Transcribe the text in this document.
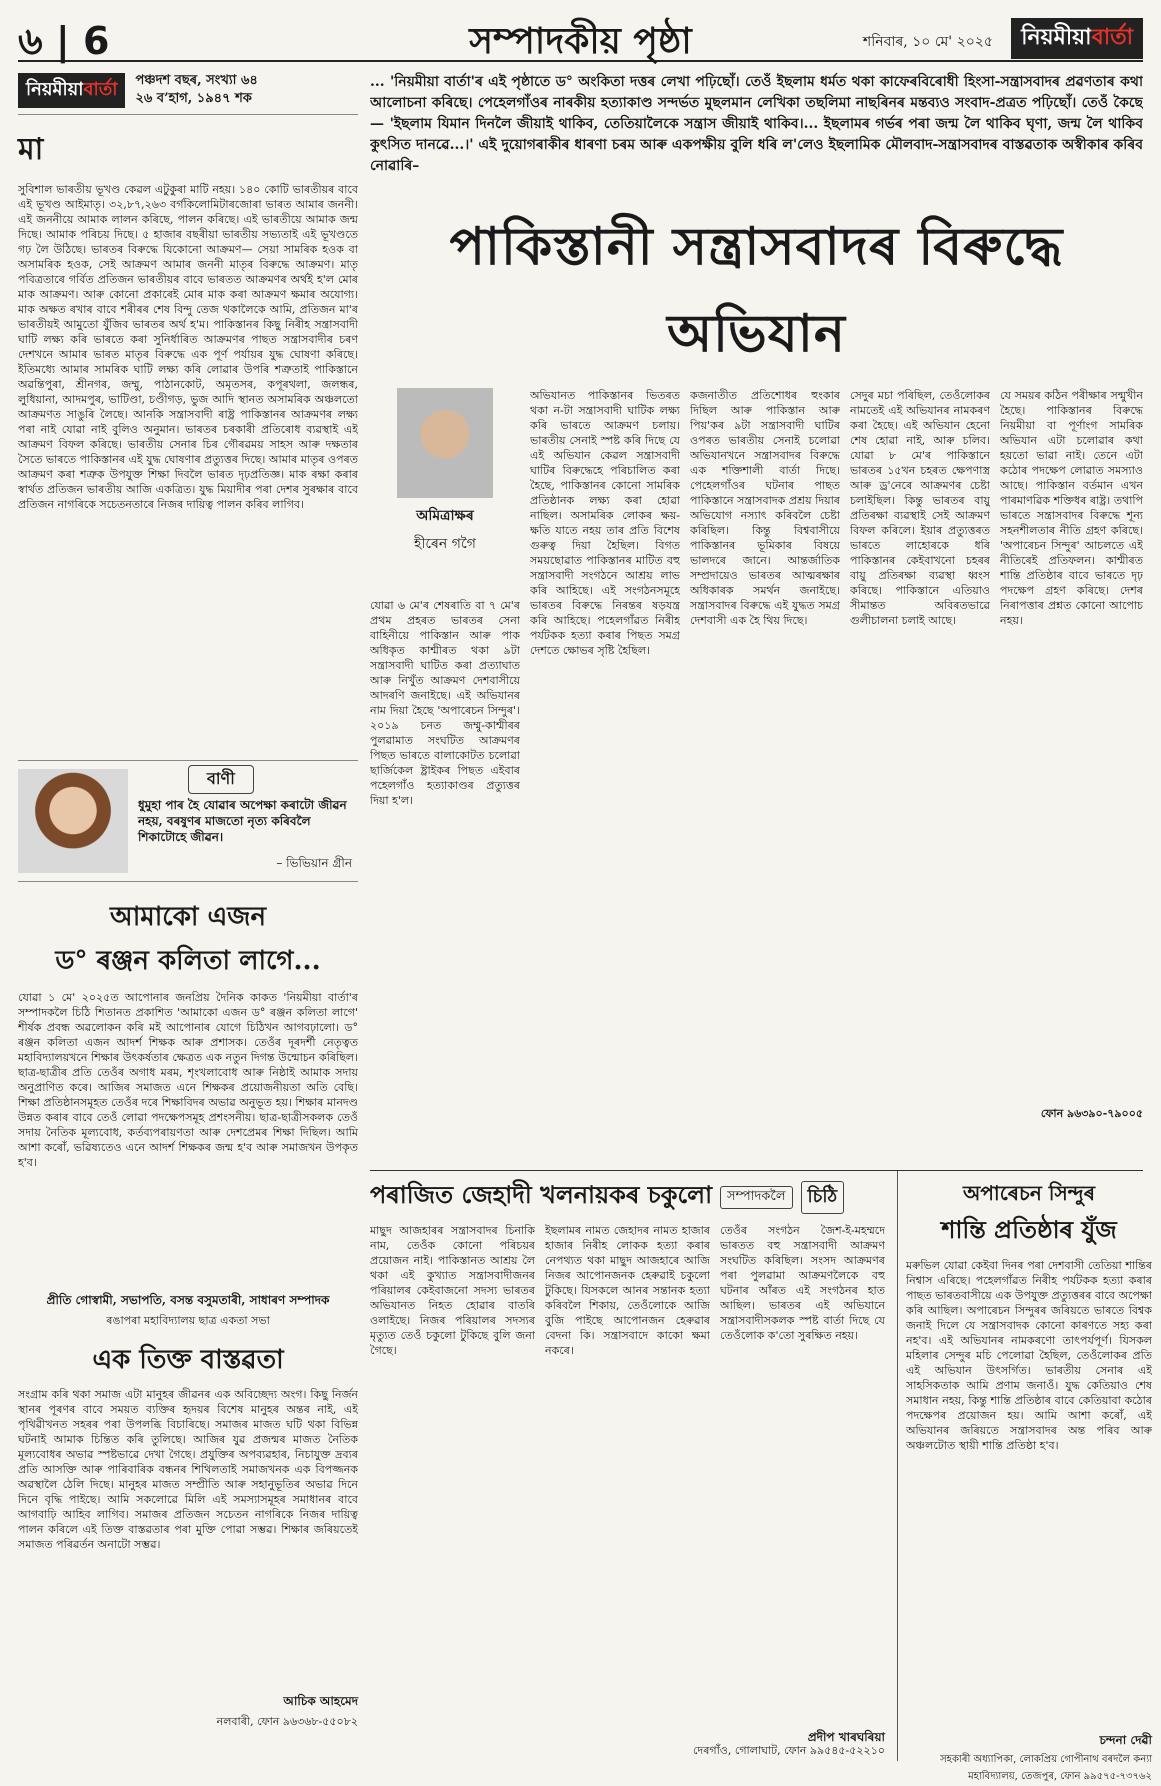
৬ | 6	সম্পাদকীয় পৃষ্ঠা	শনিবাৰ, ১০ মে' ২০২৫	নিয়মীয়াবাৰ্তা
নিয়মীয়াবাৰ্তা	পঞ্চদশ বছৰ, সংখ্যা ৬৪
২৬ ব’হাগ, ১৯৪৭ শক
মা
সুবিশাল ভাৰতীয় ভূখণ্ড কেৱল এটুকুৰা মাটি নহয়। ১৪০ কোটি ভাৰতীয়ৰ বাবে এই ভূখণ্ড আইমাতৃ। ৩২,৮৭,২৬৩ বৰ্গকিলোমিটাৰজোৰা ভাৰত আমাৰ জননী। এই জননীয়ে আমাক লালন কৰিছে, পালন কৰিছে। এই ভাৰতীয়ে আমাক জন্ম দিছে। আমাক পৰিচয় দিছে। ৫ হাজাৰ বছৰীয়া ভাৰতীয় সভ্যতাই এই ভূখণ্ডতে গঢ় লৈ উঠিছে। ভাৰতৰ বিৰুদ্ধে যিকোনো আক্ৰমণ— সেয়া সামৰিক হওক বা অসামৰিক হওক, সেই আক্ৰমণ আমাৰ জননী মাতৃৰ বিৰুদ্ধে আক্ৰমণ। মাতৃ পবিত্ৰতাৰে গৰ্বিত প্ৰতিজন ভাৰতীয়ৰ বাবে ভাৰতত আক্ৰমণৰ অৰ্থই হ'ল মোৰ মাক আক্ৰমণ। আৰু কোনো প্ৰকাৰেই মোৰ মাক কৰা আক্ৰমণ ক্ষমাৰ অযোগ্য। মাক অক্ষত ৰখাৰ বাবে শৰীৰৰ শেষ বিন্দু তেজ থকালৈকে আমি, প্ৰতিজন মা'ৰ ভাৰতীয়ই আমুতো যুঁজিব ভাৰতৰ অৰ্থ হ'ম। পাকিস্তানৰ কিছু নিৰীহ সন্ত্ৰাসবাদী ঘাটি লক্ষ্য কৰি ভাৰতে কৰা সুনিৰ্ধাৰিত আক্ৰমণৰ পাছত সন্ত্ৰাসবাদীৰ চৰণ দেশখনে আমাৰ ভাৰত মাতৃৰ বিৰুদ্ধে এক পূৰ্ণ পৰ্যায়ৰ যুদ্ধ ঘোষণা কৰিছে। ইতিমধ্যে আমাৰ সামৰিক ঘাটি লক্ষ্য কৰি লোৱাৰ উপৰি শত্ৰুতাই পাকিস্তানে অৱন্তিপুৰা, শ্ৰীনগৰ, জম্মু, পাঠানকোট, অমৃতসৰ, কপূৰথলা, জলন্ধৰ, লুধিয়ানা, আদমপুৰ, ভাটিণ্ডা, চণ্ডীগড়, ভুজ আদি স্থানত অসামৰিক অঞ্চলতো আক্ৰমণত সাঙুৰি লৈছে। আনকি সন্ত্ৰাসবাদী ৰাষ্ট্ৰ পাকিস্তানৰ আক্ৰমণৰ লক্ষ্য পৰা নাই যোৱা নাই বুলিও অনুমান। ভাৰতৰ চৰকাৰী প্ৰতিৰোধ ব্যৱস্থাই এই আক্ৰমণ বিফল কৰিছে। ভাৰতীয় সেনাৰ চিৰ গৌৰৱময় সাহস আৰু দক্ষতাৰ সৈতে ভাৰতে পাকিস্তানৰ এই যুদ্ধ ঘোষণাৰ প্ৰত্যুত্তৰ দিছে। আমাৰ মাতৃৰ ওপৰত আক্ৰমণ কৰা শত্ৰুক উপযুক্ত শিক্ষা দিবলৈ ভাৰত দৃঢ়প্ৰতিজ্ঞ। মাক ৰক্ষা কৰাৰ স্বাৰ্থত প্ৰতিজন ভাৰতীয় আজি একত্ৰিত। যুদ্ধ মিয়াদীৰ পৰা দেশৰ সুৰক্ষাৰ বাবে প্ৰতিজন নাগৰিকে সচেতনতাৰে নিজৰ দায়িত্ব পালন কৰিব লাগিব।
বাণী
ধুমুহা পাৰ হৈ যোৱাৰ অপেক্ষা কৰাটো জীৱন নহয়, বৰষুণৰ মাজতো নৃত্য কৰিবলৈ শিকাটোহে জীৱন।
– ভিভিয়ান গ্ৰীন
আমাকো এজন
ড° ৰঞ্জন কলিতা লাগে...
যোৱা ১ মে' ২০২৫ত আপোনাৰ জনপ্ৰিয় দৈনিক কাকত 'নিয়মীয়া বাৰ্তা'ৰ সম্পাদকলৈ চিঠি শিতানত প্ৰকাশিত 'আমাকো এজন ড° ৰঞ্জন কলিতা লাগে' শীৰ্ষক প্ৰবন্ধ অৱলোকন কৰি মই আপোনাৰ যোগে চিঠিখন আগবঢ়ালো। ড° ৰঞ্জন কলিতা এজন আদৰ্শ শিক্ষক আৰু প্ৰশাসক। তেওঁৰ দূৰদৰ্শী নেতৃত্বত মহাবিদ্যালয়খনে শিক্ষাৰ উৎকৰ্ষতাৰ ক্ষেত্ৰত এক নতুন দিগন্ত উন্মোচন কৰিছিল। ছাত্ৰ-ছাত্ৰীৰ প্ৰতি তেওঁৰ অগাধ মৰম, শৃংখলাবোধ আৰু নিষ্ঠাই আমাক সদায় অনুপ্ৰাণিত কৰে। আজিৰ সমাজত এনে শিক্ষকৰ প্ৰয়োজনীয়তা অতি বেছি। শিক্ষা প্ৰতিষ্ঠানসমূহত তেওঁৰ দৰে শিক্ষাবিদৰ অভাৱ অনুভূত হয়। শিক্ষাৰ মানদণ্ড উন্নত কৰাৰ বাবে তেওঁ লোৱা পদক্ষেপসমূহ প্ৰশংসনীয়। ছাত্ৰ-ছাত্ৰীসকলক তেওঁ সদায় নৈতিক মূল্যবোধ, কৰ্তব্যপৰায়ণতা আৰু দেশপ্ৰেমৰ শিক্ষা দিছিল। আমি আশা কৰোঁ, ভৱিষ্যতেও এনে আদৰ্শ শিক্ষকৰ জন্ম হ'ব আৰু সমাজখন উপকৃত হ'ব।
প্ৰীতি গোস্বামী, সভাপতি, বসন্ত বসুমতাৰী, সাধাৰণ সম্পাদক
ৰঙাপৰা মহাবিদ্যালয় ছাত্ৰ একতা সভা
এক তিক্ত বাস্তৱতা
সংগ্ৰাম কৰি থকা সমাজ এটা মানুহৰ জীৱনৰ এক অবিচ্ছেদ্য অংগ। কিছু নিৰ্জন স্থানৰ পূৰণৰ বাবে সময়ত ব্যক্তিৰ হৃদয়ৰ বিশেষ মানুহৰ অন্তৰ নাই, এই পৃথিৱীখনত সহৰৰ পৰা উপলব্ধি বিচাৰিছে। সমাজৰ মাজত ঘটি থকা বিভিন্ন ঘটনাই আমাক চিন্তিত কৰি তুলিছে। আজিৰ যুৱ প্ৰজন্মৰ মাজত নৈতিক মূল্যবোধৰ অভাৱ স্পষ্টভাৱে দেখা গৈছে। প্ৰযুক্তিৰ অপব্যৱহাৰ, নিচাযুক্ত দ্ৰব্যৰ প্ৰতি আসক্তি আৰু পাৰিবাৰিক বন্ধনৰ শিথিলতাই সমাজখনক এক বিপজ্জনক অৱস্থালৈ ঠেলি দিছে। মানুহৰ মাজত সম্প্ৰীতি আৰু সহানুভূতিৰ অভাৱ দিনে দিনে বৃদ্ধি পাইছে। আমি সকলোৱে মিলি এই সমস্যাসমূহৰ সমাধানৰ বাবে আগবাঢ়ি আহিব লাগিব। সমাজৰ প্ৰতিজন সচেতন নাগৰিকে নিজৰ দায়িত্ব পালন কৰিলে এই তিক্ত বাস্তৱতাৰ পৰা মুক্তি পোৱা সম্ভৱ। শিক্ষাৰ জৰিয়তেই সমাজত পৰিৱৰ্তন অনাটো সম্ভৱ।
আচিক আহমেদ
নলবাৰী, ফোন ৯৬৩৬৮-৫৫০৮২
... 'নিয়মীয়া বাৰ্তা'ৰ এই পৃষ্ঠাতে ড° অংকিতা দত্তৰ লেখা পঢ়িছোঁ। তেওঁ ইছলাম ধৰ্মত থকা কাফেৰবিৰোধী হিংসা-সন্ত্ৰাসবাদৰ প্ৰৱণতাৰ কথা আলোচনা কৰিছে। পেহেলগাঁওৰ নাৰকীয় হত্যাকাণ্ড সন্দৰ্ভত মুছলমান লেখিকা তছলিমা নাছৰিনৰ মন্তব্যও সংবাদ-প্ৰত্ৰত পঢ়িছোঁ। তেওঁ কৈছে— 'ইছলাম যিমান দিনলৈ জীয়াই থাকিব, তেতিয়ালৈকে সন্ত্ৰাস জীয়াই থাকিব।... ইছলামৰ গৰ্ভৰ পৰা জন্ম লৈ থাকিব ঘৃণা, জন্ম লৈ থাকিব কুৎসিত দানৱে...।' এই দুয়োগৰাকীৰ ধাৰণা চৰম আৰু একপক্ষীয় বুলি ধৰি ল'লেও ইছলামিক মৌলবাদ-সন্ত্ৰাসবাদৰ বাস্তৱতাক অস্বীকাৰ কৰিব নোৱাৰি–
পাকিস্তানী সন্ত্ৰাসবাদৰ বিৰুদ্ধে অভিযান
অমিত্ৰাক্ষৰ
হীৰেন গগৈ
যোৱা ৬ মে'ৰ শেষৰাতি বা ৭ মে'ৰ প্ৰথম প্ৰহৰত ভাৰতৰ সেনা বাহিনীয়ে পাকিস্তান আৰু পাক অধিকৃত কাশ্মীৰত থকা ৯টা সন্ত্ৰাসবাদী ঘাটিত কৰা প্ৰত্যাঘাত আৰু নিখুঁত আক্ৰমণ দেশবাসীয়ে আদৰণি জনাইছে। এই অভিযানৰ নাম দিয়া হৈছে 'অপাৰেচন সিন্দুৰ'। ২০১৯ চনত জম্মু-কাশ্মীৰৰ পুলৱামাত সংঘটিত আক্ৰমণৰ পিছত ভাৰতে বালাকোটত চলোৱা ছাৰ্জিকেল ষ্ট্ৰাইকৰ পিছত এইবাৰ পহেলগাঁও হত্যাকাণ্ডৰ প্ৰত্যুত্তৰ দিয়া হ'ল।
অভিযানত পাকিস্তানৰ ভিতৰত থকা ন-টা সন্ত্ৰাসবাদী ঘাটিক লক্ষ্য কৰি ভাৰতে আক্ৰমণ চলায়। ভাৰতীয় সেনাই স্পষ্ট কৰি দিছে যে এই অভিযান কেৱল সন্ত্ৰাসবাদী ঘাটিৰ বিৰুদ্ধেহে পৰিচালিত কৰা হৈছে, পাকিস্তানৰ কোনো সামৰিক প্ৰতিষ্ঠানক লক্ষ্য কৰা হোৱা নাছিল। অসামৰিক লোকৰ ক্ষয়-ক্ষতি যাতে নহয় তাৰ প্ৰতি বিশেষ গুৰুত্ব দিয়া হৈছিল। বিগত সময়ছোৱাত পাকিস্তানৰ মাটিত বহু সন্ত্ৰাসবাদী সংগঠনে আশ্ৰয় লাভ কৰি আহিছে। এই সংগঠনসমূহে ভাৰতৰ বিৰুদ্ধে নিৰন্তৰ ষড়যন্ত্ৰ কৰি আহিছে। পহেলগাঁৱত নিৰীহ পৰ্যটকক হত্যা কৰাৰ পিছত সমগ্ৰ দেশতে ক্ষোভৰ সৃষ্টি হৈছিল।
কজনাতীত প্ৰতিশোধৰ হুংকাৰ দিছিল আৰু পাকিস্তান আৰু পিয়'কৰ ৯টা সন্ত্ৰাসবাদী ঘাটিৰ ওপৰত ভাৰতীয় সেনাই চলোৱা অভিযানখনে সন্ত্ৰাসবাদৰ বিৰুদ্ধে এক শক্তিশালী বাৰ্তা দিছে। পেহেলগাঁওৰ ঘটনাৰ পাছত পাকিস্তানে সন্ত্ৰাসবাদক প্ৰশ্ৰয় দিয়াৰ অভিযোগ নস্যাৎ কৰিবলৈ চেষ্টা কৰিছিল। কিন্তু বিশ্ববাসীয়ে পাকিস্তানৰ ভূমিকাৰ বিষয়ে ভালদৰে জানে। আন্তৰ্জাতিক সম্প্ৰদায়েও ভাৰতৰ আত্মৰক্ষাৰ অধিকাৰক সমৰ্থন জনাইছে। সন্ত্ৰাসবাদৰ বিৰুদ্ধে এই যুদ্ধত সমগ্ৰ দেশবাসী এক হৈ থিয় দিছে।
সেদুৰ মচা পৰিছিল, তেওঁলোকৰ নামতেই এই অভিযানৰ নামকৰণ কৰা হৈছে। এই অভিযান হেনো শেষ হোৱা নাই, আৰু চলিব। যোৱা ৮ মে'ৰ পাকিস্তানে ভাৰতৰ ১৫খন চহৰত ক্ষেপণাস্ত্ৰ আৰু ড্ৰ'নেৰে আক্ৰমণৰ চেষ্টা চলাইছিল। কিন্তু ভাৰতৰ বায়ু প্ৰতিৰক্ষা ব্যৱস্থাই সেই আক্ৰমণ বিফল কৰিলে। ইয়াৰ প্ৰত্যুত্তৰত ভাৰতে লাহোৰকে ধৰি পাকিস্তানৰ কেইবাখনো চহৰৰ বায়ু প্ৰতিৰক্ষা ব্যৱস্থা ধ্বংস কৰিছে। পাকিস্তানে এতিয়াও সীমান্তত অবিৰতভাৱে গুলীচালনা চলাই আছে।
যে সময়ৰ কঠিন পৰীক্ষাৰ সন্মুখীন হৈছে। পাকিস্তানৰ বিৰুদ্ধে নিয়মীয়া বা পূৰ্ণাংগ সামৰিক অভিযান এটা চলোৱাৰ কথা হয়তো ভাৱা নাই। তেনে এটা কঠোৰ পদক্ষেপ লোৱাত সমস্যাও আছে। পাকিস্তান বৰ্তমান এখন পাৰমাণৱিক শক্তিধৰ ৰাষ্ট্ৰ। তথাপি ভাৰতে সন্ত্ৰাসবাদৰ বিৰুদ্ধে শূন্য সহনশীলতাৰ নীতি গ্ৰহণ কৰিছে। 'অপাৰেচন সিন্দুৰ' আচলতে এই নীতিৰেই প্ৰতিফলন। কাশ্মীৰত শান্তি প্ৰতিষ্ঠাৰ বাবে ভাৰতে দৃঢ় পদক্ষেপ গ্ৰহণ কৰিছে। দেশৰ নিৰাপত্তাৰ প্ৰশ্নত কোনো আপোচ নহয়।
ফোন ৯৬৩৯০-৭৯০০৫
পৰাজিত জেহাদী খলনায়কৰ চকুলো	সম্পাদকলৈ	চিঠি
মাছুদ আজহাৰৰ সন্ত্ৰাসবাদৰ চিনাকি নাম, তেওঁক কোনো পৰিচয়ৰ প্ৰয়োজন নাই। পাকিস্তানত আশ্ৰয় লৈ থকা এই কুখ্যাত সন্ত্ৰাসবাদীজনৰ পৰিয়ালৰ কেইবাজনো সদস্য ভাৰতৰ অভিযানত নিহত হোৱাৰ বাতৰি ওলাইছে। নিজৰ পৰিয়ালৰ সদস্যৰ মৃত্যুত তেওঁ চকুলো টুকিছে বুলি জনা গৈছে।
ইছলামৰ নামত জেহাদৰ নামত হাজাৰ হাজাৰ নিৰীহ লোকক হত্যা কৰাৰ নেপথ্যত থকা মাছুদ আজহাৰে আজি নিজৰ আপোনজনক হেৰুৱাই চকুলো টুকিছে। যিসকলে আনৰ সন্তানক হত্যা কৰিবলৈ শিকায়, তেওঁলোকে আজি বুজি পাইছে আপোনজন হেৰুৱাৰ বেদনা কি। সন্ত্ৰাসবাদে কাকো ক্ষমা নকৰে।
তেওঁৰ সংগঠন জৈশ-ই-মহম্মদে ভাৰতত বহু সন্ত্ৰাসবাদী আক্ৰমণ সংঘটিত কৰিছিল। সংসদ আক্ৰমণৰ পৰা পুলৱামা আক্ৰমণলৈকে বহু ঘটনাৰ আঁৰত এই সংগঠনৰ হাত আছিল। ভাৰতৰ এই অভিযানে সন্ত্ৰাসবাদীসকলক স্পষ্ট বাৰ্তা দিছে যে তেওঁলোক ক'তো সুৰক্ষিত নহয়।
প্ৰদীপ খাৰঘৰিয়া
দেৰগাঁও, গোলাঘাট, ফোন ৯৯৫৪৫-৫২২১০
অপাৰেচন সিন্দুৰ
শান্তি প্ৰতিষ্ঠাৰ যুঁজ
মৰুভিল যোৱা কেইবা দিনৰ পৰা দেশবাসী তেতিয়া শান্তিৰ নিশ্বাস এৰিছে। পহেলগাঁৱত নিৰীহ পৰ্যটকক হত্যা কৰাৰ পাছত ভাৰতবাসীয়ে এক উপযুক্ত প্ৰত্যুত্তৰৰ বাবে অপেক্ষা কৰি আছিল। অপাৰেচন সিন্দুৰৰ জৰিয়তে ভাৰতে বিশ্বক জনাই দিলে যে সন্ত্ৰাসবাদক কোনো কাৰণতে সহ্য কৰা নহ'ব। এই অভিযানৰ নামকৰণো তাৎপৰ্যপূৰ্ণ। যিসকল মহিলাৰ সেন্দুৰ মচি পেলোৱা হৈছিল, তেওঁলোকৰ প্ৰতি এই অভিযান উৎসৰ্গিত। ভাৰতীয় সেনাৰ এই সাহসিকতাক আমি প্ৰণাম জনাওঁ। যুদ্ধ কেতিয়াও শেষ সমাধান নহয়, কিন্তু শান্তি প্ৰতিষ্ঠাৰ বাবে কেতিয়াবা কঠোৰ পদক্ষেপৰ প্ৰয়োজন হয়। আমি আশা কৰোঁ, এই অভিযানৰ জৰিয়তে সন্ত্ৰাসবাদৰ অন্ত পৰিব আৰু অঞ্চলটোত স্থায়ী শান্তি প্ৰতিষ্ঠা হ'ব।
চন্দনা দেৱী
সহকাৰী অধ্যাপিকা, লোকপ্ৰিয় গোপীনাথ বৰদলৈ কন্যা মহাবিদ্যালয়, তেজপুৰ, ফোন ৯৯৫৭৫-৭৩৭৬২
